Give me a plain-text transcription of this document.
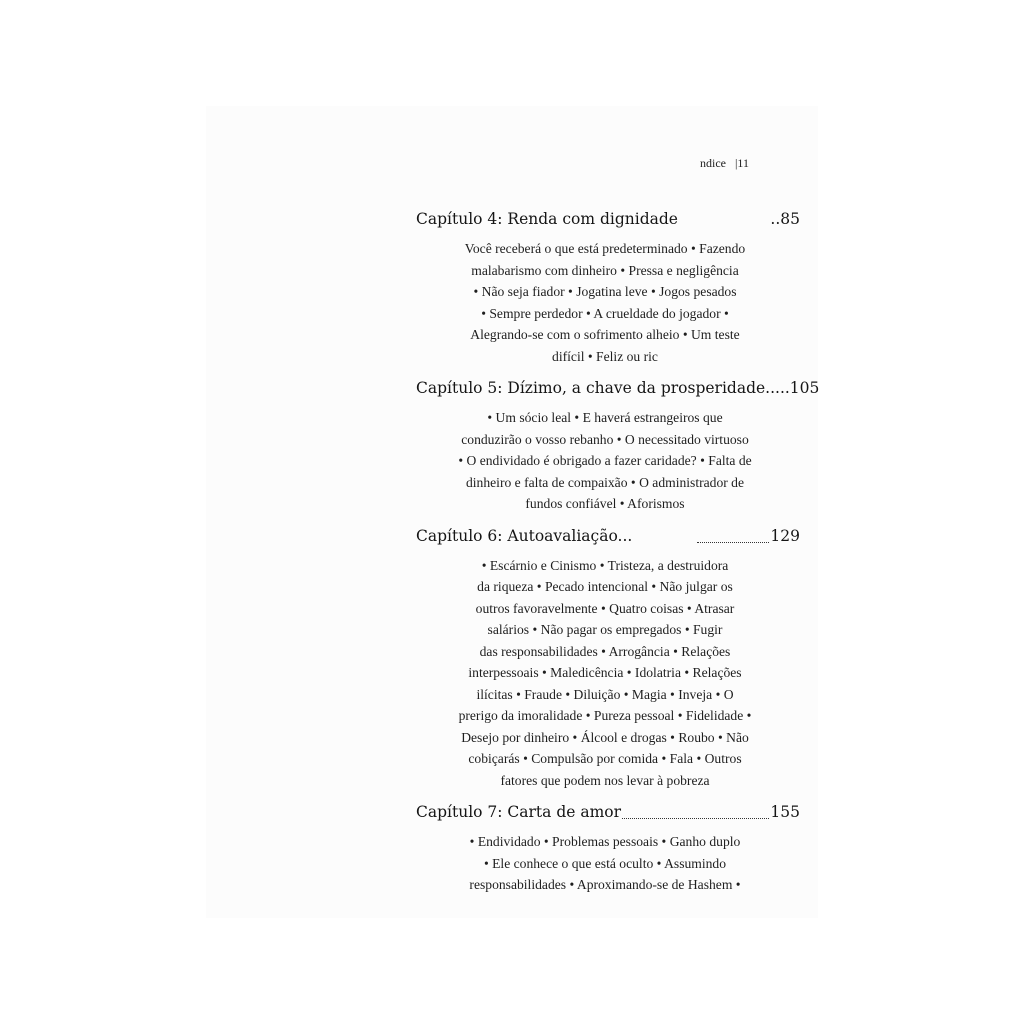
ndice |11
Capítulo 4: Renda com dignidade	..85
Você receberá o que está predeterminado • Fazendo
malabarismo com dinheiro • Pressa e negligência
• Não seja fiador • Jogatina leve • Jogos pesados
• Sempre perdedor • A crueldade do jogador •
Alegrando-se com o sofrimento alheio • Um teste
difícil • Feliz ou ric
Capítulo 5: Dízimo, a chave da prosperidade .....105
• Um sócio leal • E haverá estrangeiros que
conduzirão o vosso rebanho • O necessitado virtuoso
• O endividado é obrigado a fazer caridade? • Falta de
dinheiro e falta de compaixão • O administrador de
fundos confiável • Aforismos
Capítulo 6: Autoavaliação...	129
• Escárnio e Cinismo • Tristeza, a destruidora
da riqueza • Pecado intencional • Não julgar os
outros favoravelmente • Quatro coisas • Atrasar
salários • Não pagar os empregados • Fugir
das responsabilidades • Arrogância • Relações
interpessoais • Maledicência • Idolatria • Relações
ilícitas • Fraude • Diluição • Magia • Inveja • O
prerigo da imoralidade • Pureza pessoal • Fidelidade •
Desejo por dinheiro • Álcool e drogas • Roubo • Não
cobiçarás • Compulsão por comida • Fala • Outros
fatores que podem nos levar à pobreza
Capítulo 7: Carta de amor	155
• Endividado • Problemas pessoais • Ganho duplo
• Ele conhece o que está oculto • Assumindo
responsabilidades • Aproximando-se de Hashem •
